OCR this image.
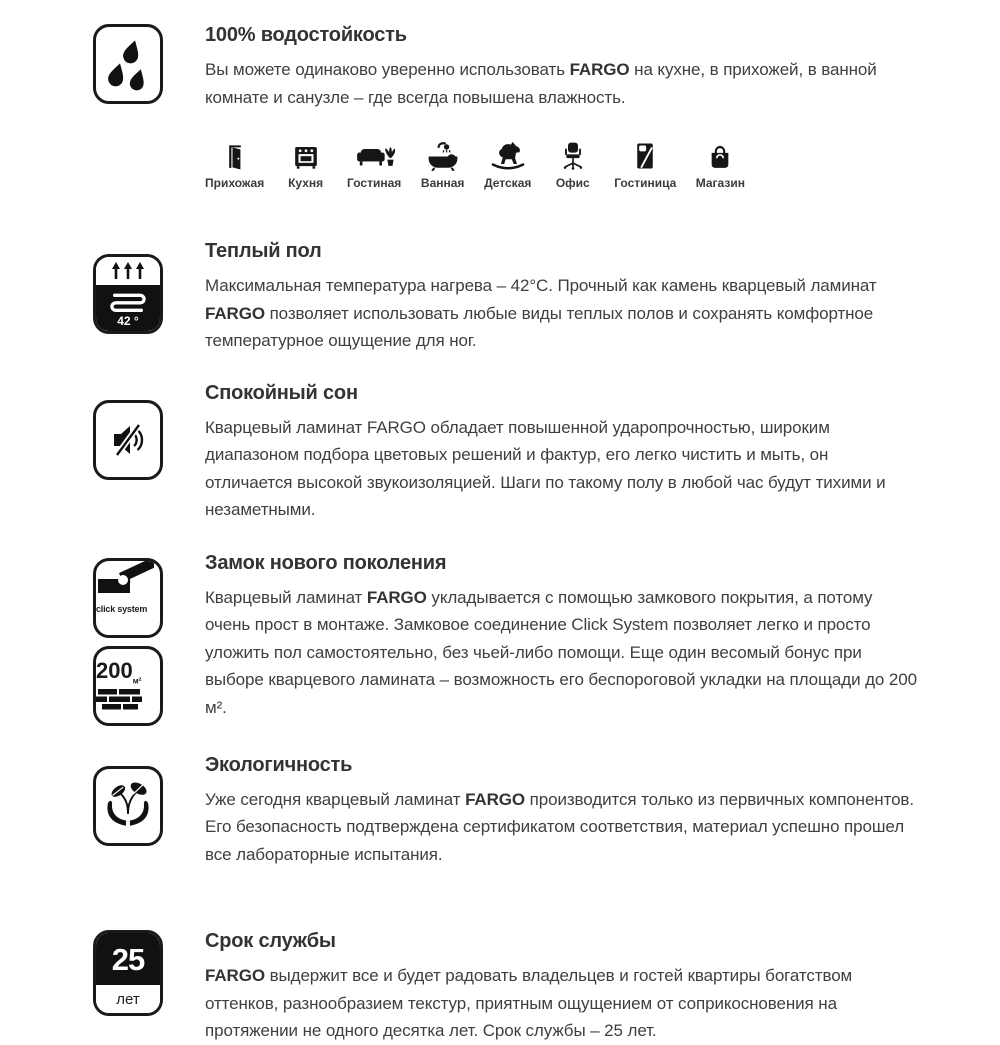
100% водостойкость

Вы можете одинаково уверенно использовать FARGO на кухне, в прихожей, в ванной комнате и санузле – где всегда повышена влажность.

Прихожая Кухня Гостиная Ванная Детская Офис Гостиница Магазин
42 °
Теплый пол

Максимальная температура нагрева – 42°С. Прочный как камень кварцевый ламинат FARGO позволяет использовать любые виды теплых полов и сохранять комфортное температурное ощущение для ног.

Спокойный сон

Кварцевый ламинат FARGO обладает повышенной ударопрочностью, широким диапазоном подбора цветовых решений и фактур, его легко чистить и мыть, он отличается высокой звукоизоляцией. Шаги по такому полу в любой час будут тихими и незаметными.

click system
$200_{м^2}$
Замок нового поколения

Кварцевый ламинат FARGO укладывается с помощью замкового покрытия, а потому очень прост в монтаже. Замковое соединение Click System позволяет легко и просто уложить пол самостоятельно, без чьей-либо помощи. Еще один весомый бонус при выборе кварцевого ламината – возможность его беспороговой укладки на площади до 200 м².

Экологичность

Уже сегодня кварцевый ламинат FARGO производится только из первичных компонентов. Его безопасность подтверждена сертификатом соответствия, материал успешно прошел все лабораторные испытания.

25
лет
Срок службы

FARGO выдержит все и будет радовать владельцев и гостей квартиры богатством оттенков, разнообразием текстур, приятным ощущением от соприкосновения на протяжении не одного десятка лет. Срок службы – 25 лет.
